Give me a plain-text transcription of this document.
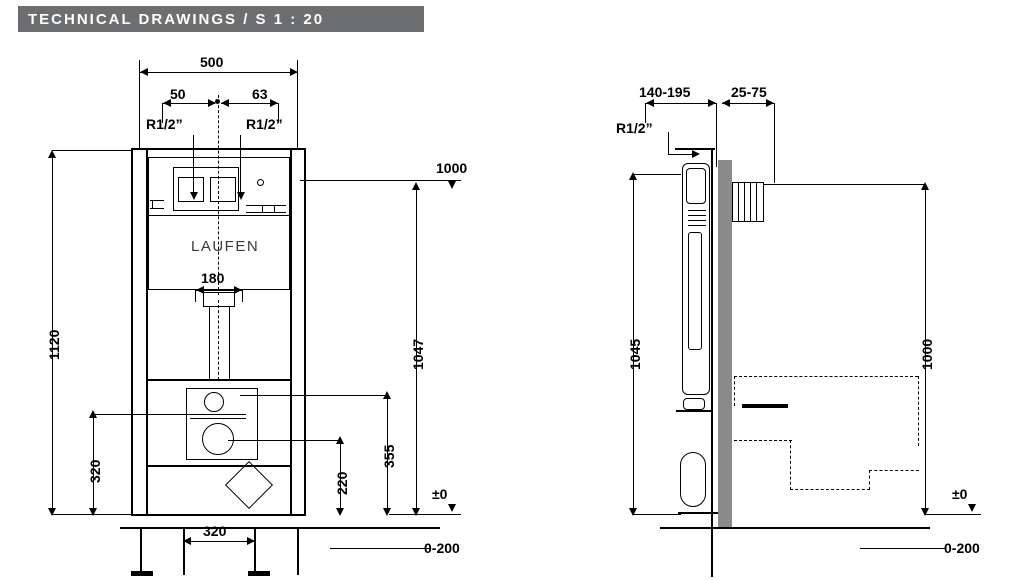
TECHNICAL DRAWINGS / S 1 : 20
500
50	63
R1/2”	R1/2”
LAUFEN
180
320
1120
320
1047
355
220
1000
±0
0-200
140-195	25-75
R1/2”
1045	1000
±0
0-200
